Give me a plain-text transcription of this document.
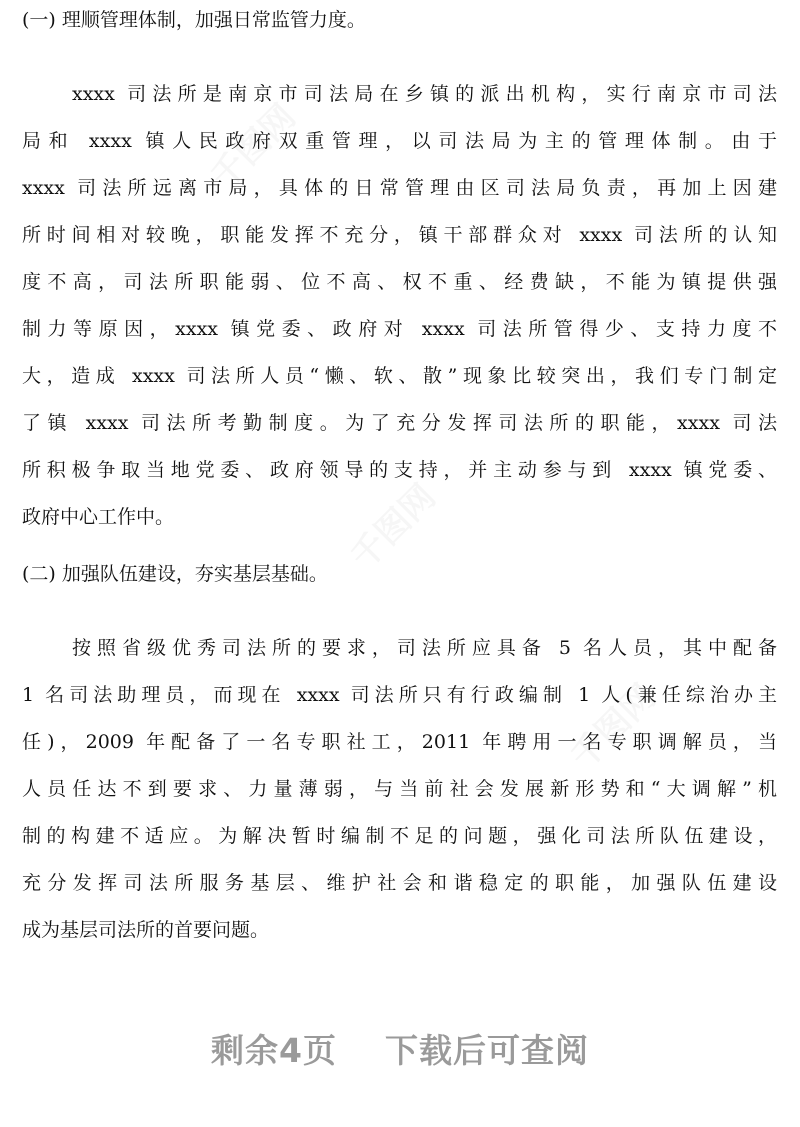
(一) 理顺管理体制，加强日常监管力度。
xxxx 司法所是南京市司法局在乡镇的派出机构，实行南京市司法
局和 xxxx 镇人民政府双重管理，以司法局为主的管理体制。由于
xxxx 司法所远离市局，具体的日常管理由区司法局负责，再加上因建
所时间相对较晚，职能发挥不充分，镇干部群众对 xxxx 司法所的认知
度不高，司法所职能弱、位不高、权不重、经费缺，不能为镇提供强
制力等原因，xxxx 镇党委、政府对 xxxx 司法所管得少、支持力度不
大，造成 xxxx 司法所人员“懒、软、散”现象比较突出，我们专门制定
了镇 xxxx 司法所考勤制度。为了充分发挥司法所的职能，xxxx 司法
所积极争取当地党委、政府领导的支持，并主动参与到 xxxx 镇党委、
政府中心工作中。
(二) 加强队伍建设，夯实基层基础。
按照省级优秀司法所的要求，司法所应具备 5 名人员，其中配备
1 名司法助理员，而现在 xxxx 司法所只有行政编制 1 人(兼任综治办主
任)，2009 年配备了一名专职社工，2011 年聘用一名专职调解员，当
人员任达不到要求、力量薄弱，与当前社会发展新形势和“大调解”机
制的构建不适应。为解决暂时编制不足的问题，强化司法所队伍建设，
充分发挥司法所服务基层、维护社会和谐稳定的职能，加强队伍建设
成为基层司法所的首要问题。
剩余4页 下载后可查阅
